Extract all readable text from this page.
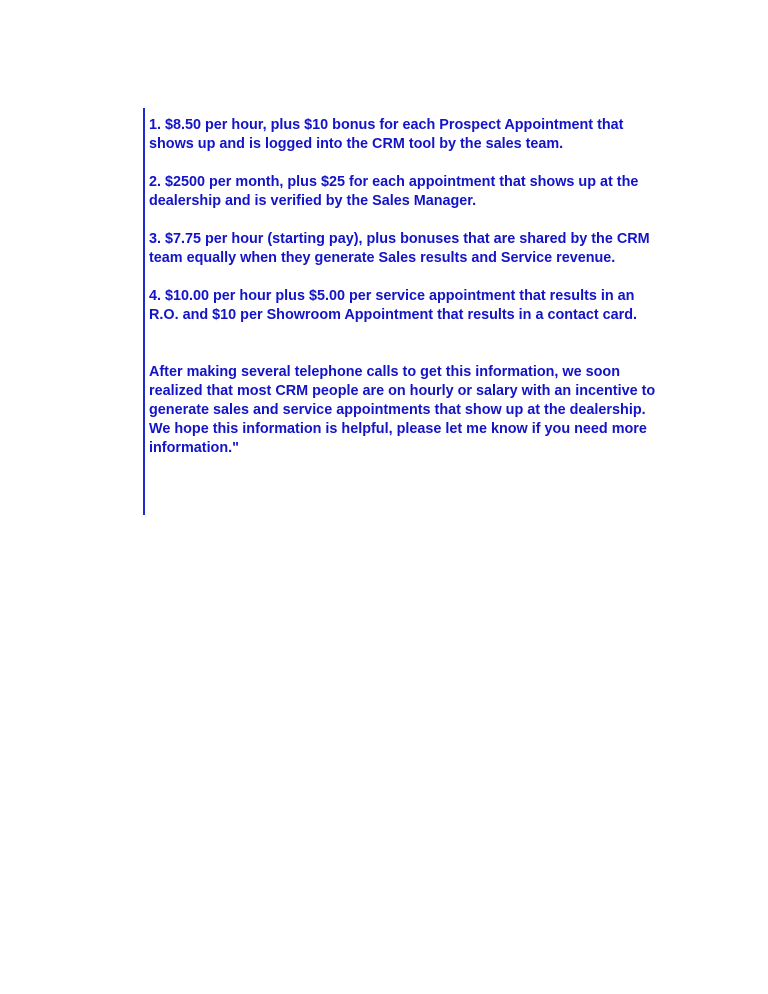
1. $8.50 per hour, plus $10 bonus for each Prospect Appointment that shows up and is logged into the CRM tool by the sales team.

2. $2500 per month, plus $25 for each appointment that shows up at the dealership and is verified by the Sales Manager.

3. $7.75 per hour (starting pay), plus bonuses that are shared by the CRM team equally when they generate Sales results and Service revenue.

4. $10.00 per hour plus $5.00 per service appointment that results in an R.O. and $10 per Showroom Appointment that results in a contact card.

After making several telephone calls to get this information, we soon realized that most CRM people are on hourly or salary with an incentive to generate sales and service appointments that show up at the dealership. We hope this information is helpful, please let me know if you need more information."
